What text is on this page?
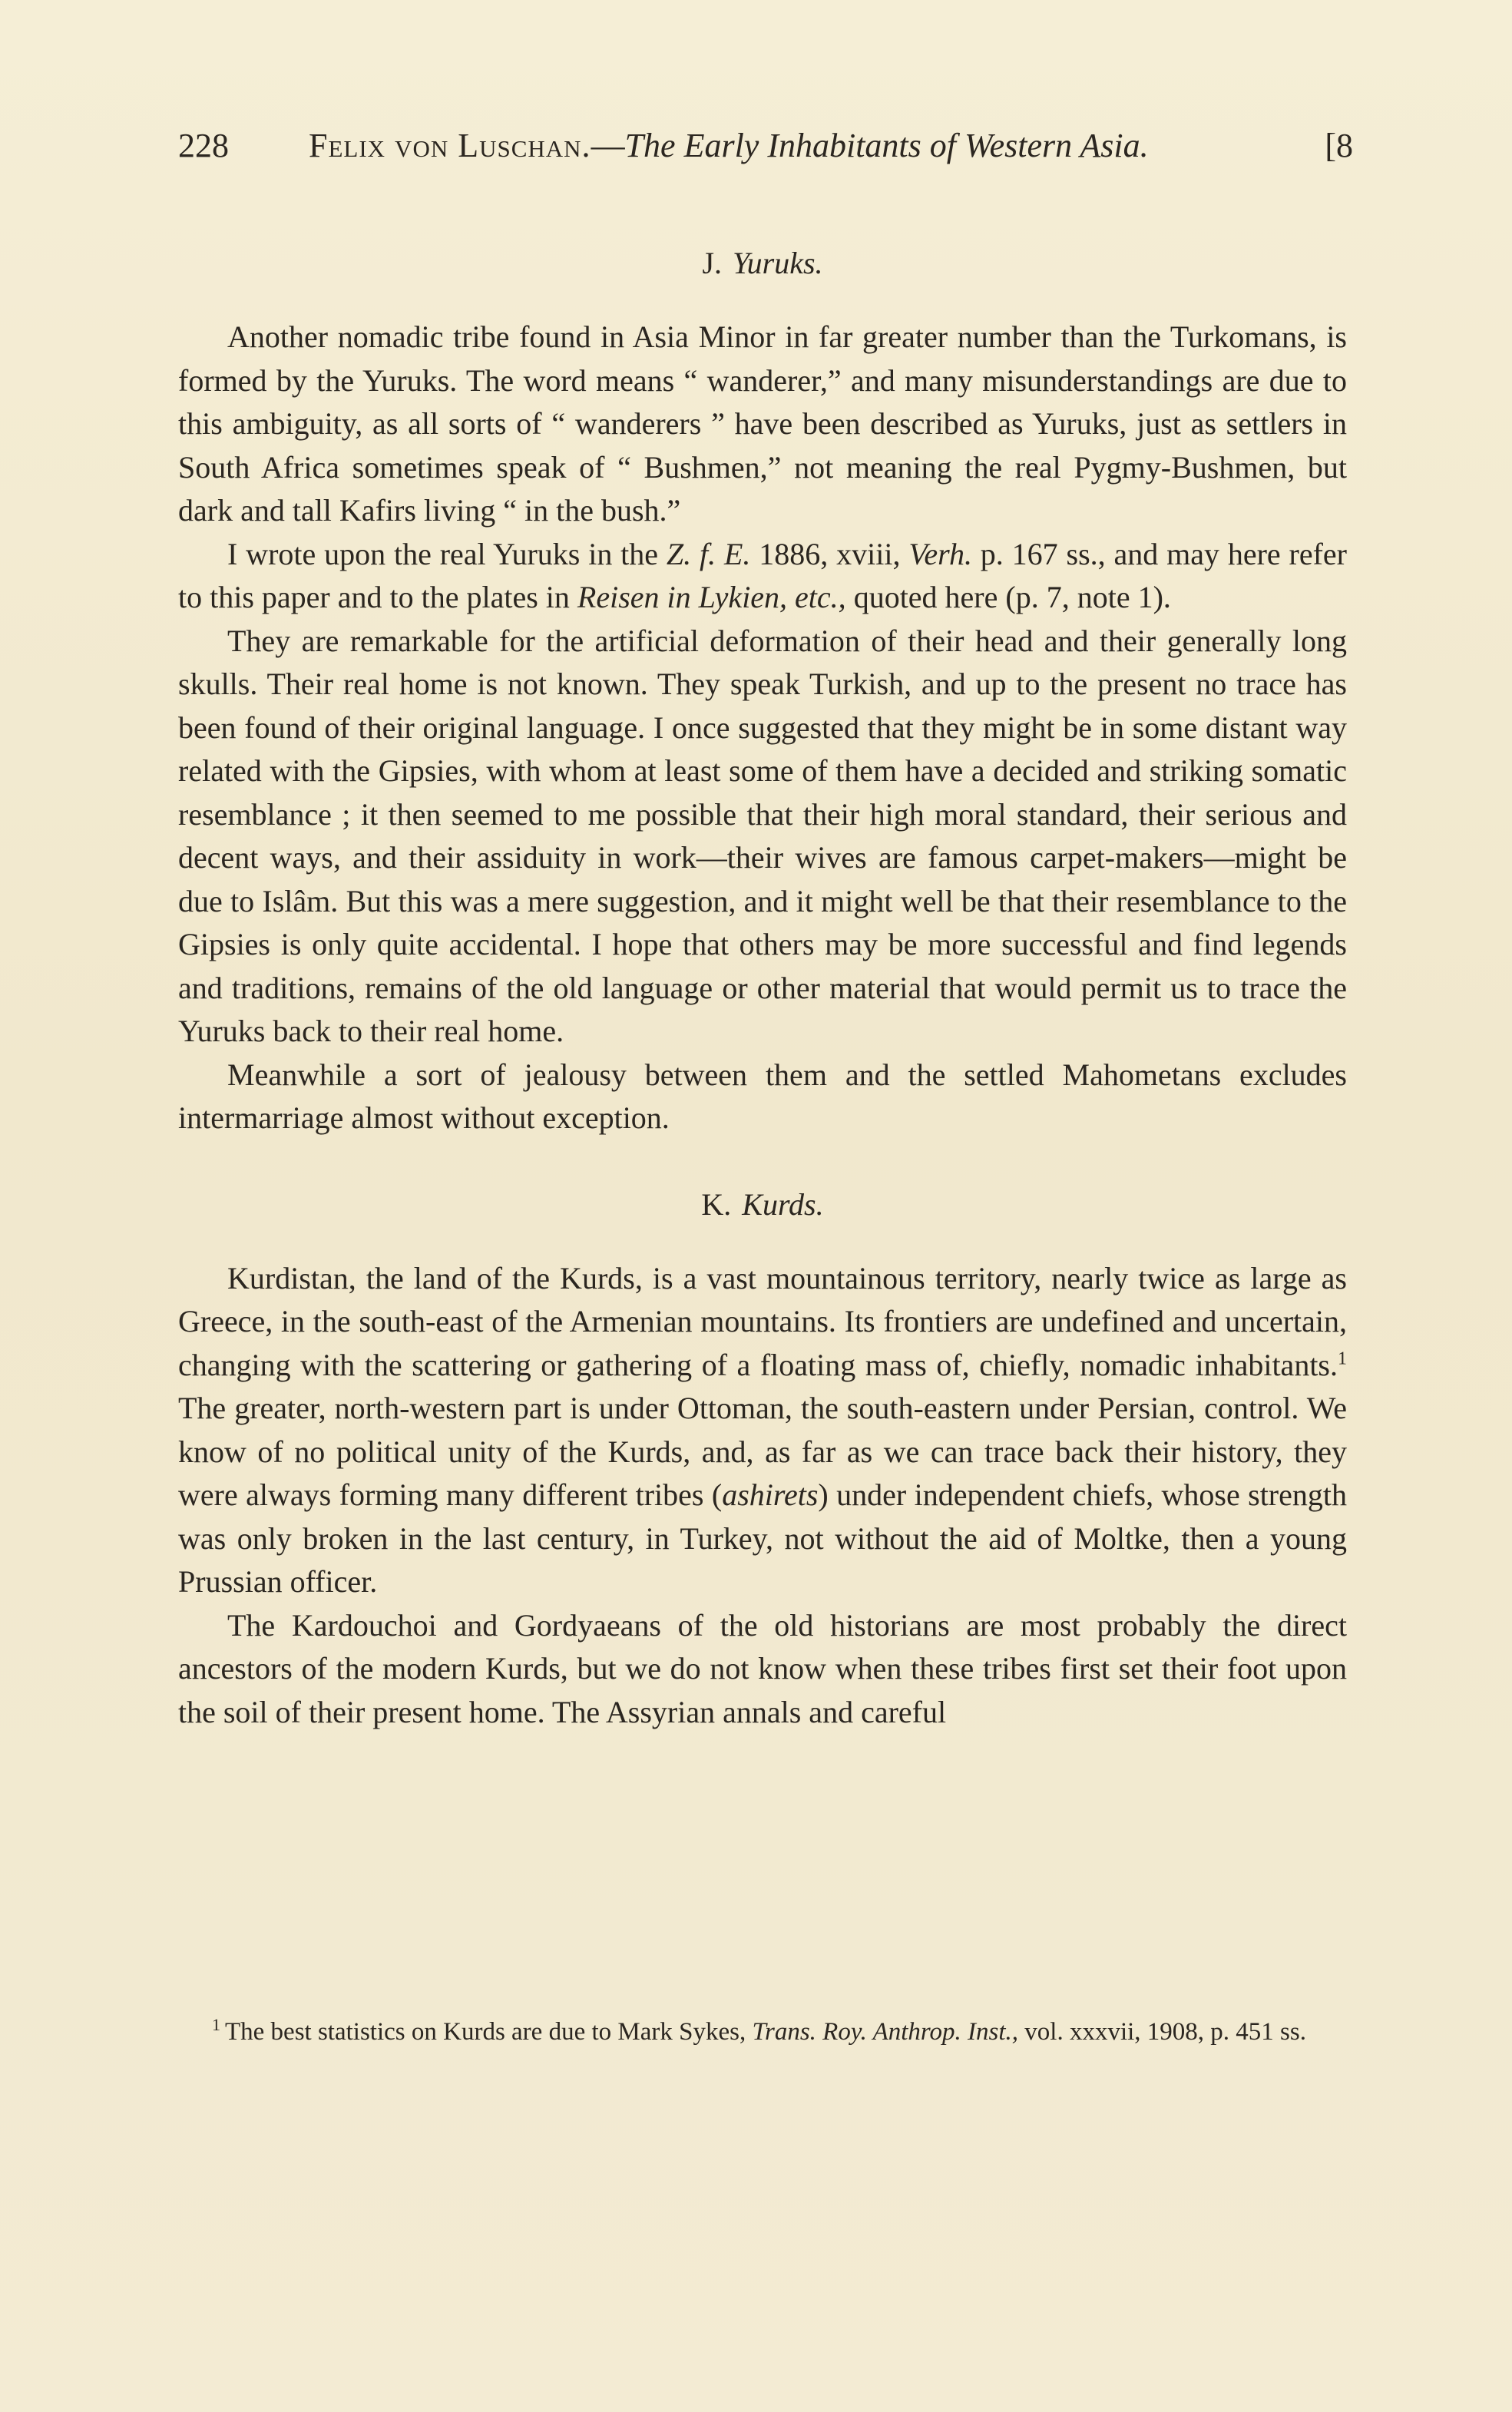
228 Felix von Luschan.—The Early Inhabitants of Western Asia.	[8
J. Yuruks.

Another nomadic tribe found in Asia Minor in far greater number than the Turkomans, is formed by the Yuruks. The word means “ wanderer,” and many misunderstandings are due to this ambiguity, as all sorts of “ wanderers ” have been described as Yuruks, just as settlers in South Africa sometimes speak of “ Bushmen,” not meaning the real Pygmy-Bushmen, but dark and tall Kafirs living “ in the bush.”

I wrote upon the real Yuruks in the Z. f. E. 1886, xviii, Verh. p. 167 ss., and may here refer to this paper and to the plates in Reisen in Lykien, etc., quoted here (p. 7, note 1).

They are remarkable for the artificial deformation of their head and their generally long skulls. Their real home is not known. They speak Turkish, and up to the present no trace has been found of their original language. I once suggested that they might be in some distant way related with the Gipsies, with whom at least some of them have a decided and striking somatic resemblance ; it then seemed to me possible that their high moral standard, their serious and decent ways, and their assiduity in work—their wives are famous carpet-makers—might be due to Islâm. But this was a mere suggestion, and it might well be that their resemblance to the Gipsies is only quite accidental. I hope that others may be more successful and find legends and traditions, remains of the old language or other material that would permit us to trace the Yuruks back to their real home.

Meanwhile a sort of jealousy between them and the settled Mahometans excludes intermarriage almost without exception.

K. Kurds.

Kurdistan, the land of the Kurds, is a vast mountainous territory, nearly twice as large as Greece, in the south-east of the Armenian mountains. Its frontiers are undefined and uncertain, changing with the scattering or gathering of a floating mass of, chiefly, nomadic inhabitants.$^1$ The greater, north-western part is under Ottoman, the south-eastern under Persian, control. We know of no political unity of the Kurds, and, as far as we can trace back their history, they were always forming many different tribes (ashirets) under independent chiefs, whose strength was only broken in the last century, in Turkey, not without the aid of Moltke, then a young Prussian officer.

The Kardouchoi and Gordyaeans of the old historians are most probably the direct ancestors of the modern Kurds, but we do not know when these tribes first set their foot upon the soil of their present home. The Assyrian annals and careful

$^1$ The best statistics on Kurds are due to Mark Sykes, Trans. Roy. Anthrop. Inst., vol. xxxvii, 1908, p. 451 ss.
